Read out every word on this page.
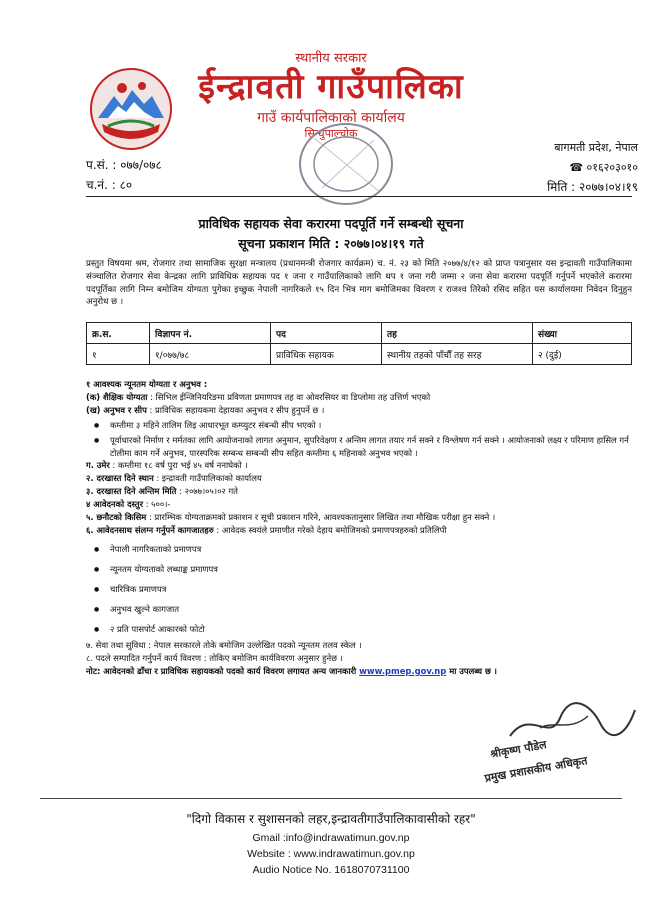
स्थानीय सरकार
ईन्द्रावती गाउँपालिका
गाउँ कार्यपालिकाको कार्यालय
सिन्धुपाल्चोक
प.सं. : ०७७/०७८
च.नं. : ८०
बागमती प्रदेश, नेपाल
☎ ०१६२०३०१०
मिति : २०७७।०४।१९
प्राविधिक सहायक सेवा करारमा पदपूर्ति गर्ने सम्बन्धी सूचना
सूचना प्रकाशन मिति : २०७७।०४।१९ गते
प्रस्तुत विषयमा श्रम, रोजगार तथा सामाजिक सुरक्षा मन्त्रालय (प्रधानमन्त्री रोजगार कार्यक्रम) च. नं. २३ को मिति २०७७/४/१२ को प्राप्त पत्रानुसार यस इन्द्रावती गाउँपालिकामा संञ्चालित रोजगार सेवा केन्द्रका लागि प्राविधिक सहायक पद १ जना र गाउँपालिकाको लागि थप १ जना गरी जम्मा २ जना सेवा करारमा पदपूर्ति गर्नुपर्ने भएकोले करारमा पदपूर्तिका लागि निम्न बमोजिम योग्यता पुगेका इच्छुक नेपाली नागरिकले १५ दिन भित्र माग बमोजिमका विवरण र राजश्व तिरेको रसिद सहित यस कार्यालयमा निवेदन दिनुहुन अनुरोध छ ।
क्र.स.	विज्ञापन नं.	पद	तह	संख्या
१	१/०७७/७८	प्राविधिक सहायक	स्थानीय तहको पाँचौँ तह सरह	२ (दुई)
१ आवश्यक न्यूनतम योग्यता र अनुभव :
(क) शैक्षिक योग्यता : सिभिल ईन्जिनियरिङमा प्रविणता प्रमाणपत्र तह वा ओवरसियर वा डिप्लोमा तह उत्तिर्ण भएको
(ख) अनुभव र सीप : प्राविधिक सहायकमा देहायका अनुभव र सीप हुनुपर्ने छ ।
● कम्तीमा ३ महिने तालिम लिइ आधारभूत कम्प्युटर संबन्धी सीप भएको ।
● पूर्वाधारको निर्माण र मर्मतका लागि आयोजनाको लागत अनुमान, सुपरिवेक्षण र अन्तिम लागत तयार गर्न सक्ने र विश्लेषण गर्न सक्ने । आयोजनाको लक्ष्य र परिमाण हासिल गर्न टोलीमा काम गर्ने अनुभव, पारस्परिक सम्बन्ध सम्बन्धी सीप सहित कम्तीमा ६ महिनाको अनुभव भएको ।
ग. उमेर : कम्तीमा १८ वर्ष पुरा भई ४५ वर्ष ननाघेको ।
२. दरखास्त दिने स्थान : इन्द्रावती गाउँपालिकाको कार्यालय
३. दरखास्त दिने अन्तिम मिति : २०७७।०५।०२ गते
४ आवेदनको दस्तुर : ५००।-
५. छनौटको किसिम : प्रारम्भिक योग्यताक्रमको प्रकाशन र सूची प्रकाशन गरिने, आवश्यकतानुसार लिखित तथा मौखिक परीक्षा हुन सक्ने ।
६. आवेदनसाथ संलग्न गर्नुपर्ने कागजातहरु : आवेदक स्वयंले प्रमाणीत गरेको देहाय बमोजिमको प्रमाणपत्रहरुको प्रतिलिपी
● नेपाली नागरिकताको प्रमाणपत्र
● न्यूनतम योग्यताको लब्धाङ्क प्रमाणपत्र
● चारित्रिक प्रमाणपत्र
● अनुभव खुल्ने कागजात
● २ प्रति पासपोर्ट आकारको फोटो
७. सेवा तथा सुविधा : नेपाल सरकारले तोके बमोजिम उल्लेखित पदको न्यूनतम तलव स्केल ।
८. पदले सम्पादित गर्नुपर्ने कार्य विवरण : तोकिए बमोजिम कार्यविवरण अनुसार हुनेछ ।
नोट: आवेदनको ढाँचा र प्राविधिक सहायकको पदको कार्य विवरण लगायत अन्य जानकारी www.pmep.gov.np मा उपलब्ध छ ।
श्रीकृष्ण पौडेल
प्रमुख प्रशासकीय अधिकृत
"दिगो विकास र सुशासनको लहर,इन्द्रावतीगाउँपालिकावासीको रहर"
Gmail :info@indrawatimun.gov.np
Website : www.indrawatimun.gov.np
Audio Notice No. 1618070731100
